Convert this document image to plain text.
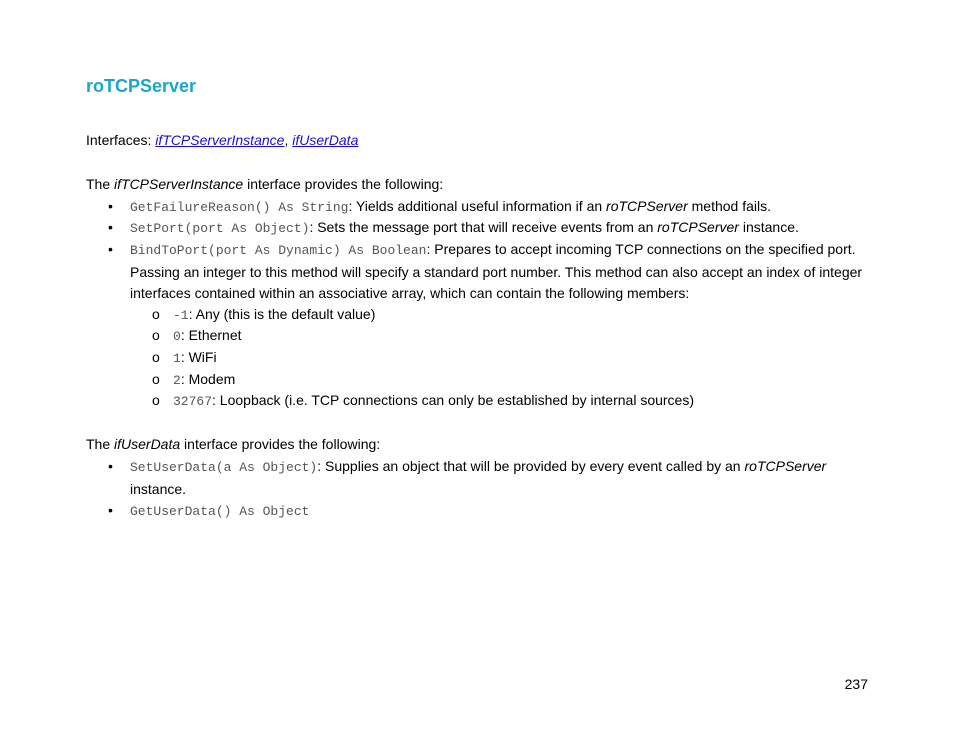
roTCPServer
Interfaces: ifTCPServerInstance, ifUserData
The ifTCPServerInstance interface provides the following:
• GetFailureReason() As String: Yields additional useful information if an roTCPServer method fails.
• SetPort(port As Object): Sets the message port that will receive events from an roTCPServer instance.
• BindToPort(port As Dynamic) As Boolean: Prepares to accept incoming TCP connections on the specified port. Passing an integer to this method will specify a standard port number. This method can also accept an index of integer interfaces contained within an associative array, which can contain the following members:
o -1: Any (this is the default value)
o 0: Ethernet
o 1: WiFi
o 2: Modem
o 32767: Loopback (i.e. TCP connections can only be established by internal sources)
The ifUserData interface provides the following:
• SetUserData(a As Object): Supplies an object that will be provided by every event called by an roTCPServer instance.
• GetUserData() As Object
237
